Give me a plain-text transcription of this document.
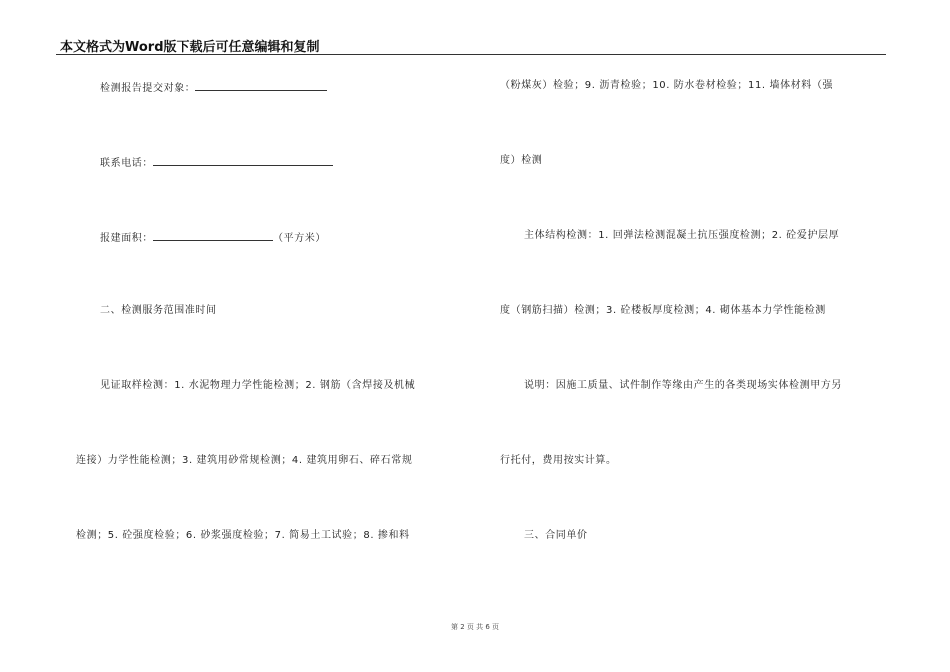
本文格式为Word版下载后可任意编辑和复制
检测报告提交对象：
联系电话：
报建面积：	（平方米）
二、检测服务范围准时间
见证取样检测：1. 水泥物理力学性能检测；2. 钢筋（含焊接及机械
连接）力学性能检测；3. 建筑用砂常规检测；4. 建筑用卵石、碎石常规
检测；5. 砼强度检验；6. 砂浆强度检验；7. 简易土工试验；8. 掺和料
（粉煤灰）检验；9. 沥青检验；10. 防水卷材检验；11. 墙体材料（强
度）检测
主体结构检测：1. 回弹法检测混凝土抗压强度检测；2. 砼爱护层厚
度（钢筋扫描）检测；3. 砼楼板厚度检测；4. 砌体基本力学性能检测
说明：因施工质量、试件制作等缘由产生的各类现场实体检测甲方另
行托付，费用按实计算。
三、合同单价
第 2 页 共 6 页
